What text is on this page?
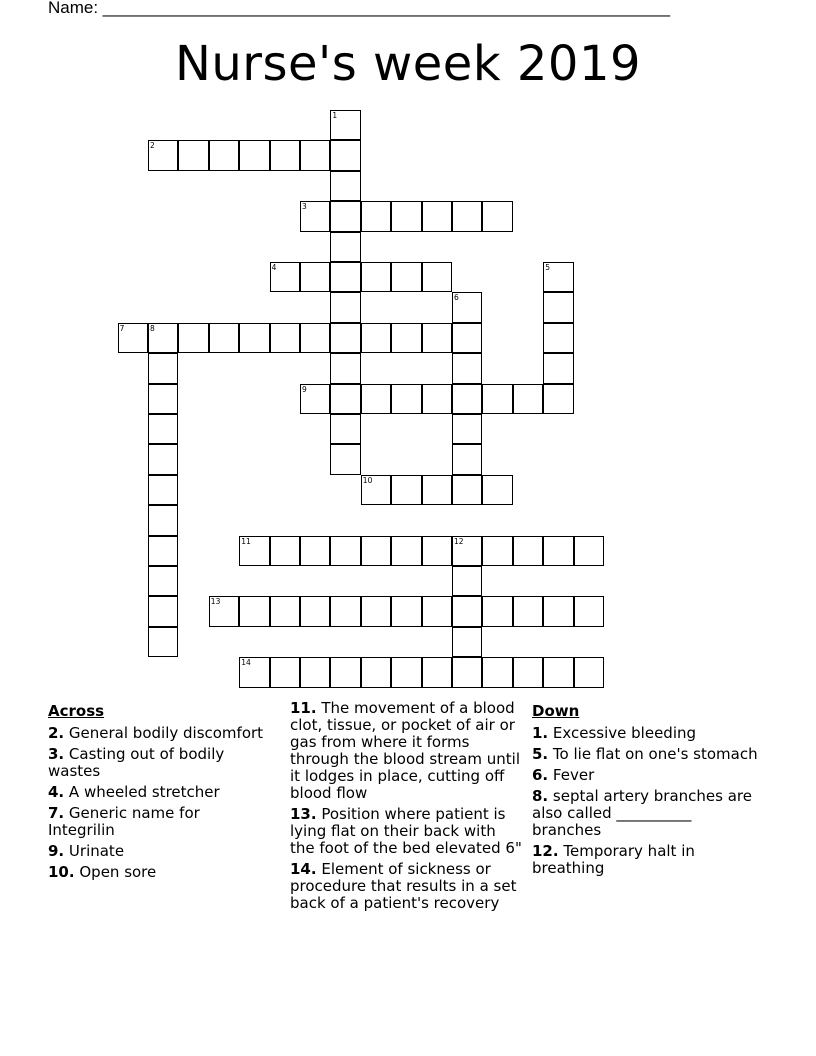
Name: ____________________________________________________________
Nurse's week 2019
1
2
3
4	5
6
7	8
9
10
11	12
13
14
Across
2. General bodily discomfort
3. Casting out of bodily wastes
4. A wheeled stretcher
7. Generic name for Integrilin
9. Urinate
10. Open sore
11. The movement of a blood clot, tissue, or pocket of air or gas from where it forms through the blood stream until it lodges in place, cutting off blood flow
13. Position where patient is lying flat on their back with the foot of the bed elevated 6"
14. Element of sickness or procedure that results in a set back of a patient's recovery
Down
1. Excessive bleeding
5. To lie flat on one's stomach
6. Fever
8. septal artery branches are also called __________ branches
12. Temporary halt in breathing
